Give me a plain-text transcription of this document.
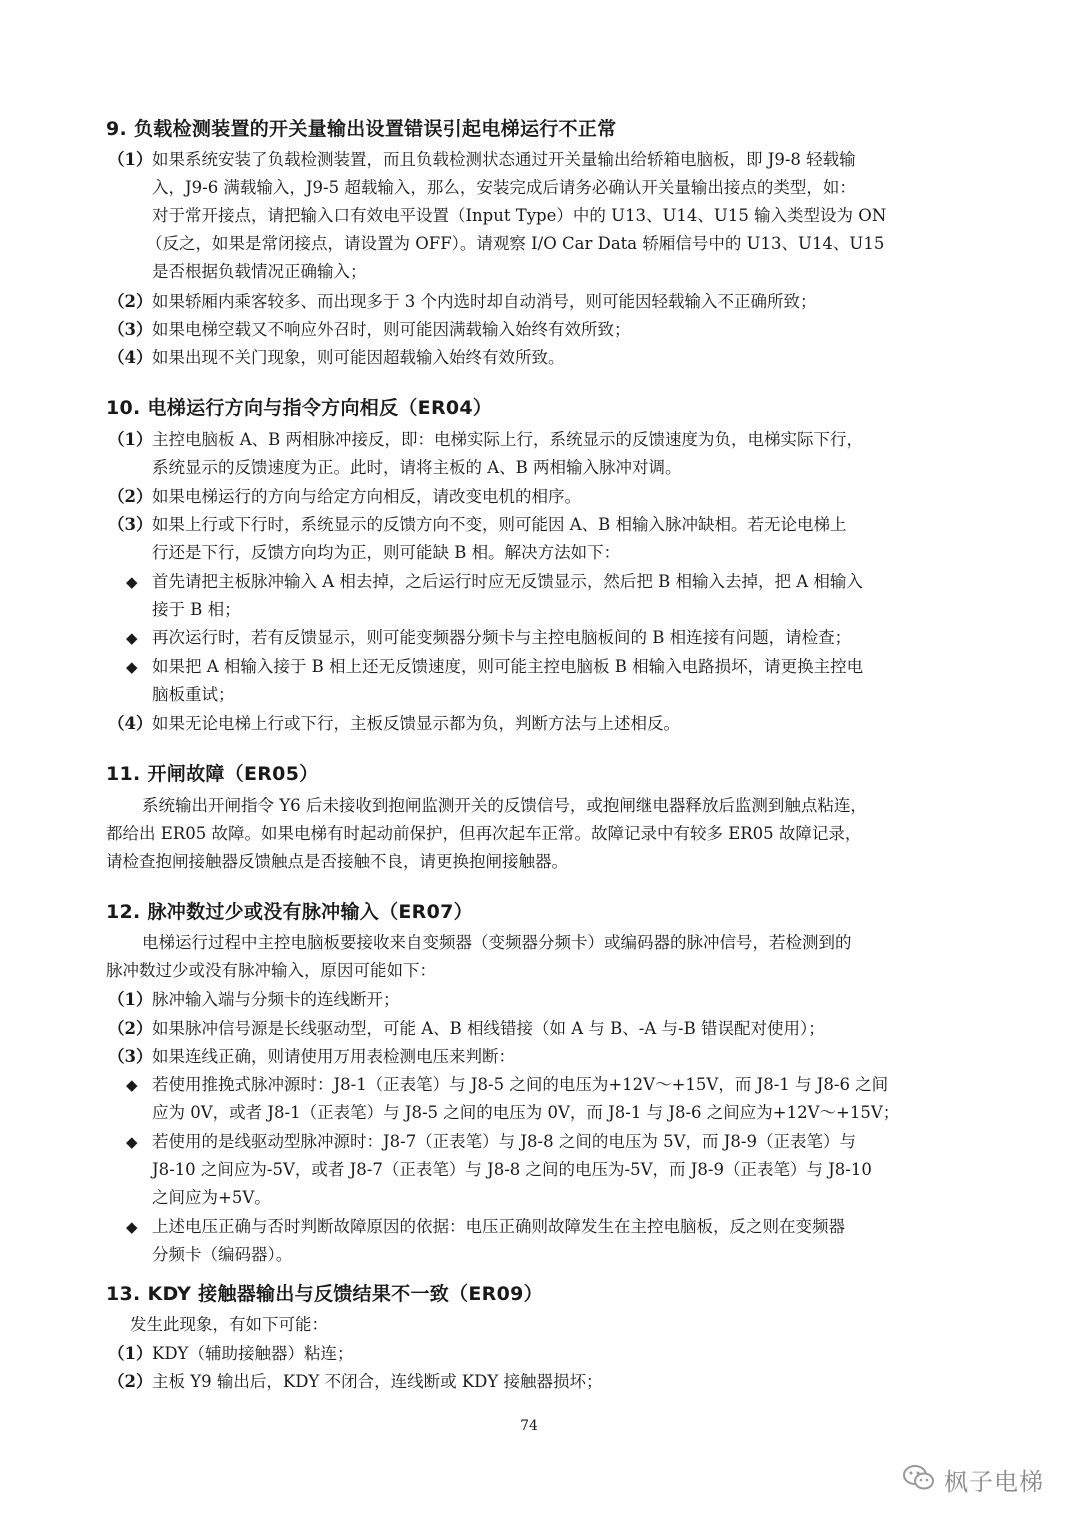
9. 负载检测装置的开关量输出设置错误引起电梯运行不正常
（1） 如果系统安装了负载检测装置，而且负载检测状态通过开关量输出给轿箱电脑板，即 J9-8 轻载输
入，J9-6 满载输入，J9-5 超载输入，那么，安装完成后请务必确认开关量输出接点的类型，如：
对于常开接点，请把输入口有效电平设置（Input Type）中的 U13、U14、U15 输入类型设为 ON
（反之，如果是常闭接点，请设置为 OFF）。请观察 I/O Car Data 轿厢信号中的 U13、U14、U15
是否根据负载情况正确输入；
（2） 如果轿厢内乘客较多、而出现多于 3 个内选时却自动消号，则可能因轻载输入不正确所致；
（3） 如果电梯空载又不响应外召时，则可能因满载输入始终有效所致；
（4） 如果出现不关门现象，则可能因超载输入始终有效所致。
10. 电梯运行方向与指令方向相反（ER04）
（1） 主控电脑板 A、B 两相脉冲接反，即：电梯实际上行，系统显示的反馈速度为负，电梯实际下行，
系统显示的反馈速度为正。此时，请将主板的 A、B 两相输入脉冲对调。
（2） 如果电梯运行的方向与给定方向相反，请改变电机的相序。
（3） 如果上行或下行时，系统显示的反馈方向不变，则可能因 A、B 相输入脉冲缺相。若无论电梯上
行还是下行，反馈方向均为正，则可能缺 B 相。解决方法如下：
◆ 首先请把主板脉冲输入 A 相去掉，之后运行时应无反馈显示，然后把 B 相输入去掉，把 A 相输入
接于 B 相；
◆ 再次运行时，若有反馈显示，则可能变频器分频卡与主控电脑板间的 B 相连接有问题，请检查；
◆ 如果把 A 相输入接于 B 相上还无反馈速度，则可能主控电脑板 B 相输入电路损坏，请更换主控电
脑板重试；
（4） 如果无论电梯上行或下行，主板反馈显示都为负，判断方法与上述相反。
11. 开闸故障（ER05）
系统输出开闸指令 Y6 后未接收到抱闸监测开关的反馈信号，或抱闸继电器释放后监测到触点粘连，
都给出 ER05 故障。如果电梯有时起动前保护，但再次起车正常。故障记录中有较多 ER05 故障记录，
请检查抱闸接触器反馈触点是否接触不良，请更换抱闸接触器。
12. 脉冲数过少或没有脉冲输入（ER07）
电梯运行过程中主控电脑板要接收来自变频器（变频器分频卡）或编码器的脉冲信号，若检测到的
脉冲数过少或没有脉冲输入，原因可能如下：
（1） 脉冲输入端与分频卡的连线断开；
（2） 如果脉冲信号源是长线驱动型，可能 A、B 相线错接（如 A 与 B、-A 与-B 错误配对使用）；
（3） 如果连线正确，则请使用万用表检测电压来判断：
◆ 若使用推挽式脉冲源时：J8-1（正表笔）与 J8-5 之间的电压为+12V～+15V，而 J8-1 与 J8-6 之间
应为 0V，或者 J8-1（正表笔）与 J8-5 之间的电压为 0V，而 J8-1 与 J8-6 之间应为+12V～+15V；
◆ 若使用的是线驱动型脉冲源时：J8-7（正表笔）与 J8-8 之间的电压为 5V，而 J8-9（正表笔）与
J8-10 之间应为-5V，或者 J8-7（正表笔）与 J8-8 之间的电压为-5V，而 J8-9（正表笔）与 J8-10
之间应为+5V。
◆ 上述电压正确与否时判断故障原因的依据：电压正确则故障发生在主控电脑板，反之则在变频器
分频卡（编码器）。
13. KDY 接触器输出与反馈结果不一致（ER09）
发生此现象，有如下可能：
（1） KDY（辅助接触器）粘连；
（2） 主板 Y9 输出后，KDY 不闭合，连线断或 KDY 接触器损坏；
74
枫子电梯
